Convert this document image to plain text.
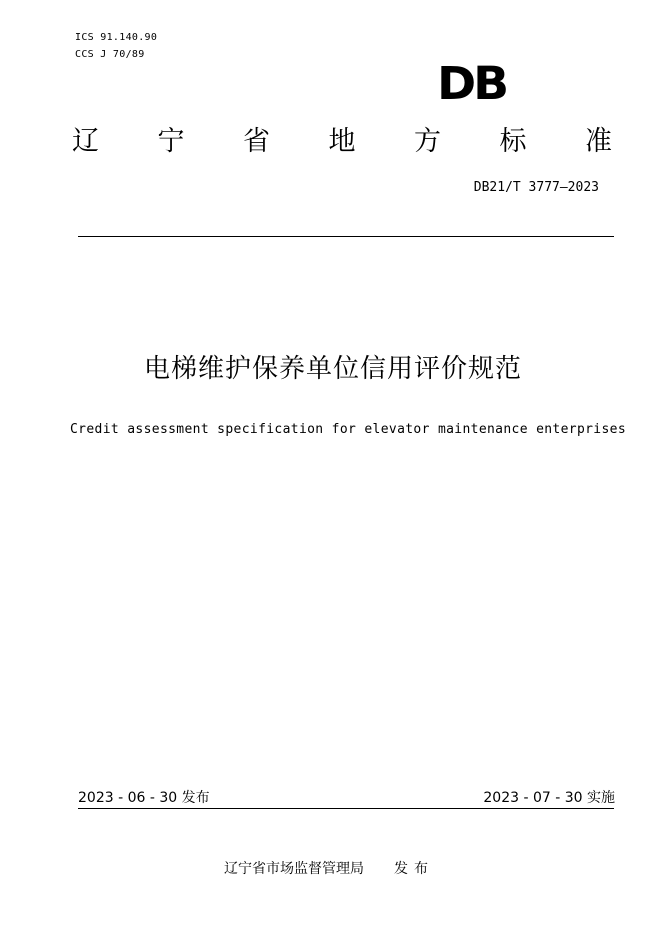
ICS 91.140.90
CCS J 70/89
DB
辽 宁 省 地 方 标 准
DB21/T 3777—2023
电梯维护保养单位信用评价规范
Credit assessment specification for elevator maintenance enterprises
2023 - 06 - 30 发布	2023 - 07 - 30 实施
辽宁省市场监督管理局 发布
